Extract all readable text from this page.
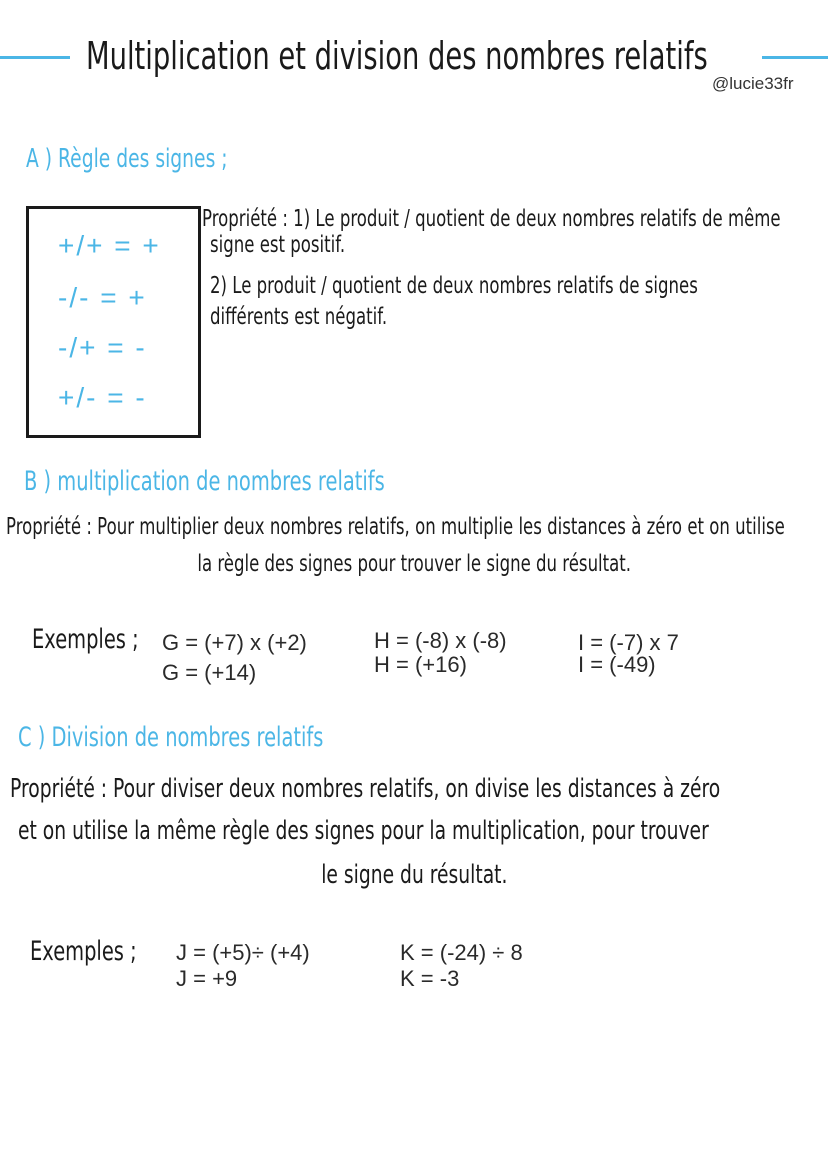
Multiplication et division des nombres relatifs
@lucie33fr
A ) Règle des signes ;
+/+ = +
-/- = +
-/+ = -
+/- = -
Propriété : 1) Le produit / quotient de deux nombres relatifs de même
signe est positif.
2) Le produit / quotient de deux nombres relatifs de signes
différents est négatif.
B ) multiplication de nombres relatifs
Propriété : Pour multiplier deux nombres relatifs, on multiplie les distances à zéro et on utilise
la règle des signes pour trouver le signe du résultat.
Exemples ; G = (+7) x (+2)
G = (+14)
H = (-8) x (-8)
H = (+16)
I = (-7) x 7
I = (-49)
C ) Division de nombres relatifs
Propriété : Pour diviser deux nombres relatifs, on divise les distances à zéro
et on utilise la même règle des signes pour la multiplication, pour trouver
le signe du résultat.
Exemples ; J = (+5)÷ (+4)
J = +9
K = (-24) ÷ 8
K = -3
